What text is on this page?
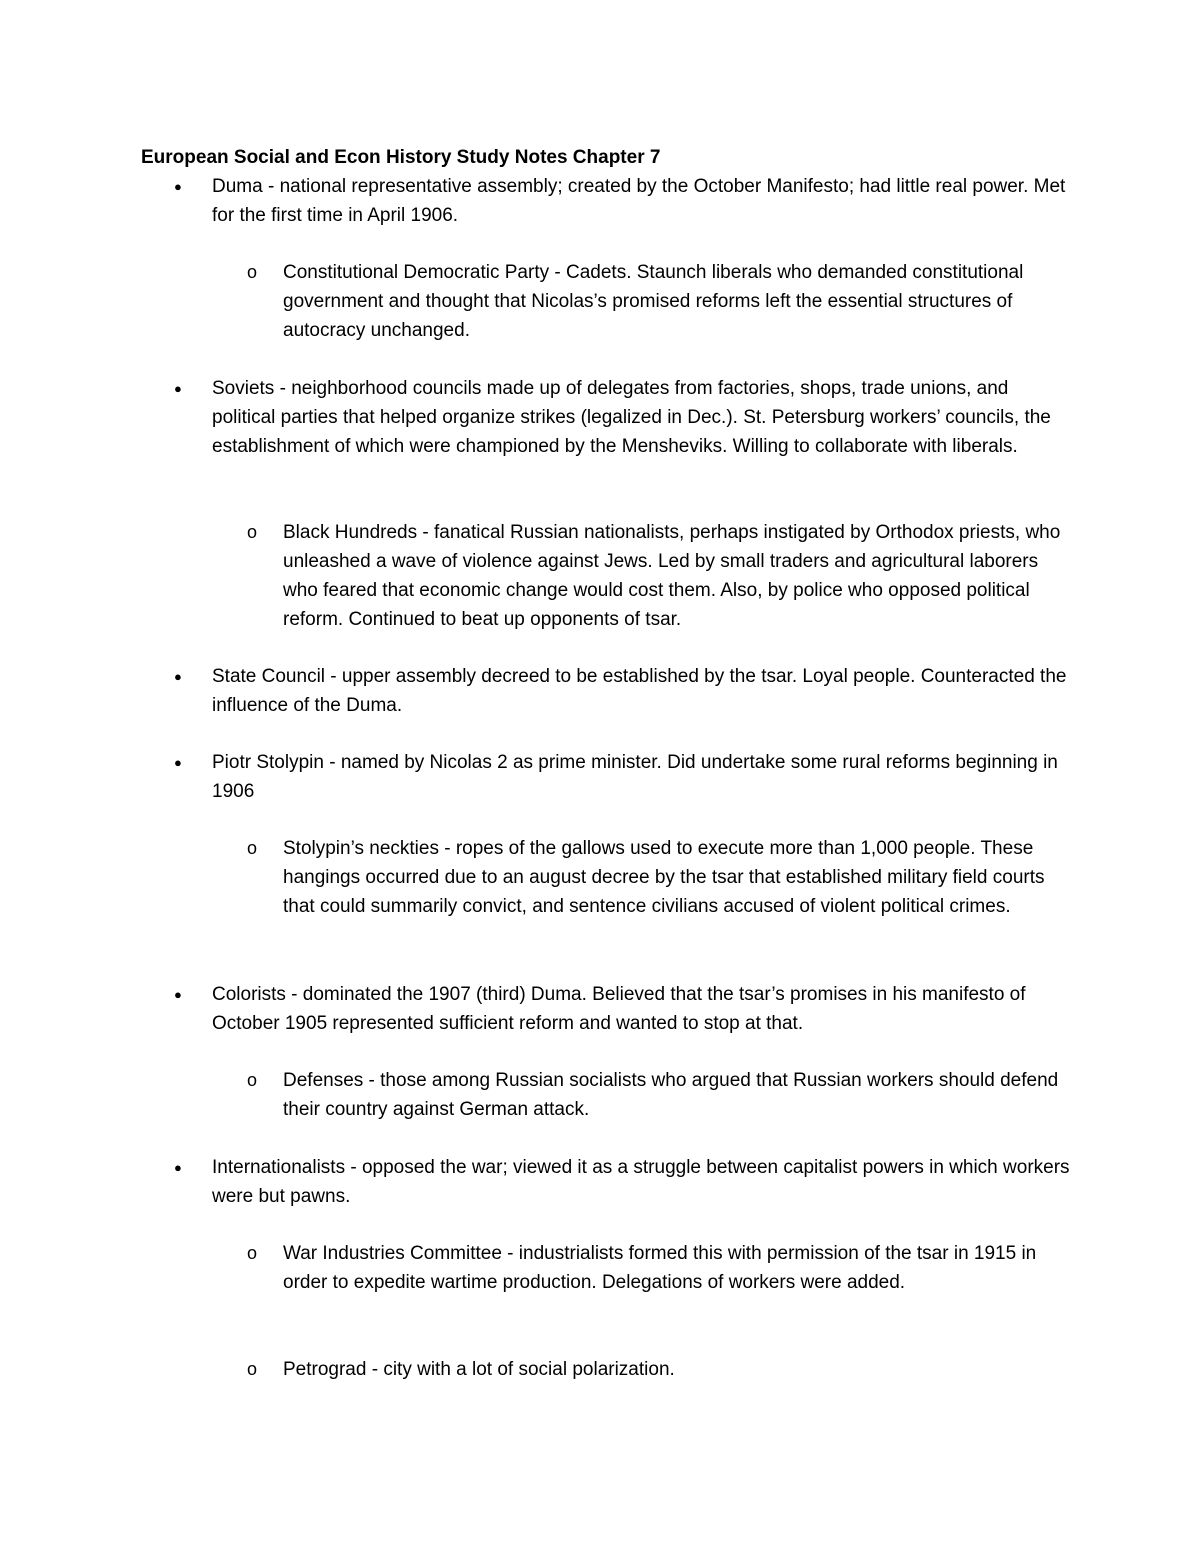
European Social and Econ History Study Notes Chapter 7
● Duma - national representative assembly; created by the October Manifesto; had little real power. Met for the first time in April 1906.
o Constitutional Democratic Party - Cadets. Staunch liberals who demanded constitutional government and thought that Nicolas’s promised reforms left the essential structures of autocracy unchanged.
● Soviets - neighborhood councils made up of delegates from factories, shops, trade unions, and political parties that helped organize strikes (legalized in Dec.). St. Petersburg workers’ councils, the establishment of which were championed by the Mensheviks. Willing to collaborate with liberals.
o Black Hundreds - fanatical Russian nationalists, perhaps instigated by Orthodox priests, who unleashed a wave of violence against Jews. Led by small traders and agricultural laborers who feared that economic change would cost them. Also, by police who opposed political reform. Continued to beat up opponents of tsar.
● State Council - upper assembly decreed to be established by the tsar. Loyal people. Counteracted the influence of the Duma.
● Piotr Stolypin - named by Nicolas 2 as prime minister. Did undertake some rural reforms beginning in 1906
o Stolypin’s neckties - ropes of the gallows used to execute more than 1,000 people. These hangings occurred due to an august decree by the tsar that established military field courts that could summarily convict, and sentence civilians accused of violent political crimes.
● Colorists - dominated the 1907 (third) Duma. Believed that the tsar’s promises in his manifesto of October 1905 represented sufficient reform and wanted to stop at that.
o Defenses - those among Russian socialists who argued that Russian workers should defend their country against German attack.
● Internationalists - opposed the war; viewed it as a struggle between capitalist powers in which workers were but pawns.
o War Industries Committee - industrialists formed this with permission of the tsar in 1915 in order to expedite wartime production. Delegations of workers were added.
o Petrograd - city with a lot of social polarization.
